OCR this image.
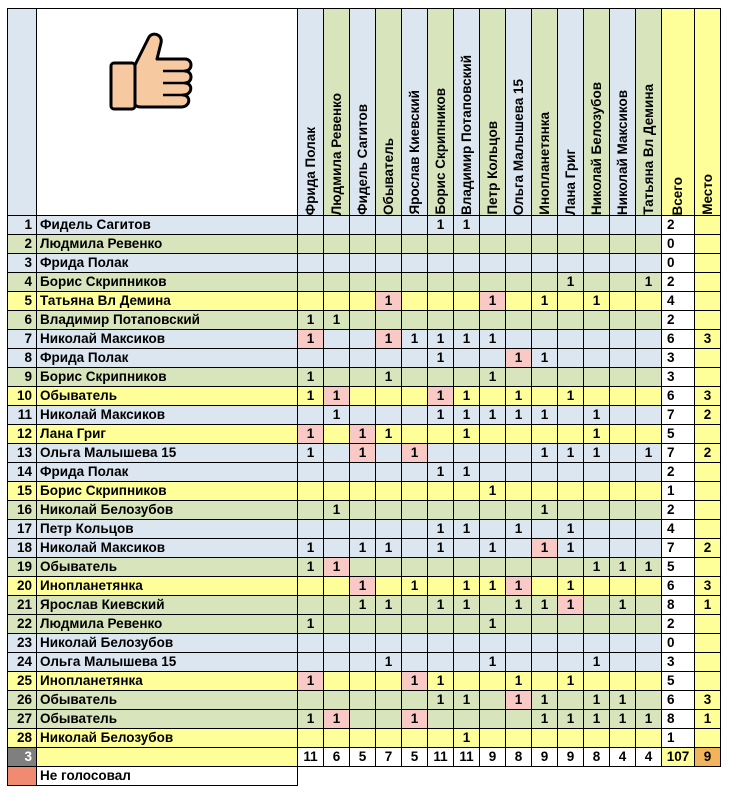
Фрида Полак	Людмила Ревенко	Фидель Сагитов	Обыватель	Ярослав Киевский	Борис Скрипников	Владимир Потаповский	Петр Кольцов	Ольга Малышева 15	Инопланетянка	Лана Григ	Николай Белозубов	Николай Максиков	Татьяна Вл Демина	Всего	Место

1	Фидель Сагитов						1	1								2	
2	Людмила Ревенко															0	
3	Фрида Полак															0	
4	Борис Скрипников											1			1	2	
5	Татьяна Вл Демина				1				1		1		1			4	
6	Владимир Потаповский	1	1													2	
7	Николай Максиков	1			1	1	1	1	1							6	3
8	Фрида Полак						1			1	1					3	
9	Борис Скрипников	1			1				1							3	
10	Обыватель	1	1				1	1		1		1				6	3
11	Николай Максиков		1				1	1	1	1	1		1			7	2
12	Лана Григ	1		1	1			1					1			5	
13	Ольга Малышева 15	1		1		1					1	1	1		1	7	2
14	Фрида Полак						1	1								2	
15	Борис Скрипников								1							1	
16	Николай Белозубов		1								1					2	
17	Петр Кольцов						1	1		1		1				4	
18	Николай Максиков	1		1	1		1		1		1	1				7	2
19	Обыватель	1	1										1	1	1	5	
20	Инопланетянка			1		1		1	1	1		1				6	3
21	Ярослав Киевский			1	1		1	1		1	1	1		1		8	1
22	Людмила Ревенко	1							1							2	
23	Николай Белозубов															0	
24	Ольга Малышева 15				1				1				1			3	
25	Инопланетянка	1				1	1			1		1				5	
26	Обыватель						1	1		1	1		1	1		6	3
27	Обыватель	1	1			1					1	1	1	1	1	8	1
28	Николай Белозубов							1								1	
3		11	6	5	7	5	11	11	9	8	9	9	8	4	4	107	9
	Не голосовал																
